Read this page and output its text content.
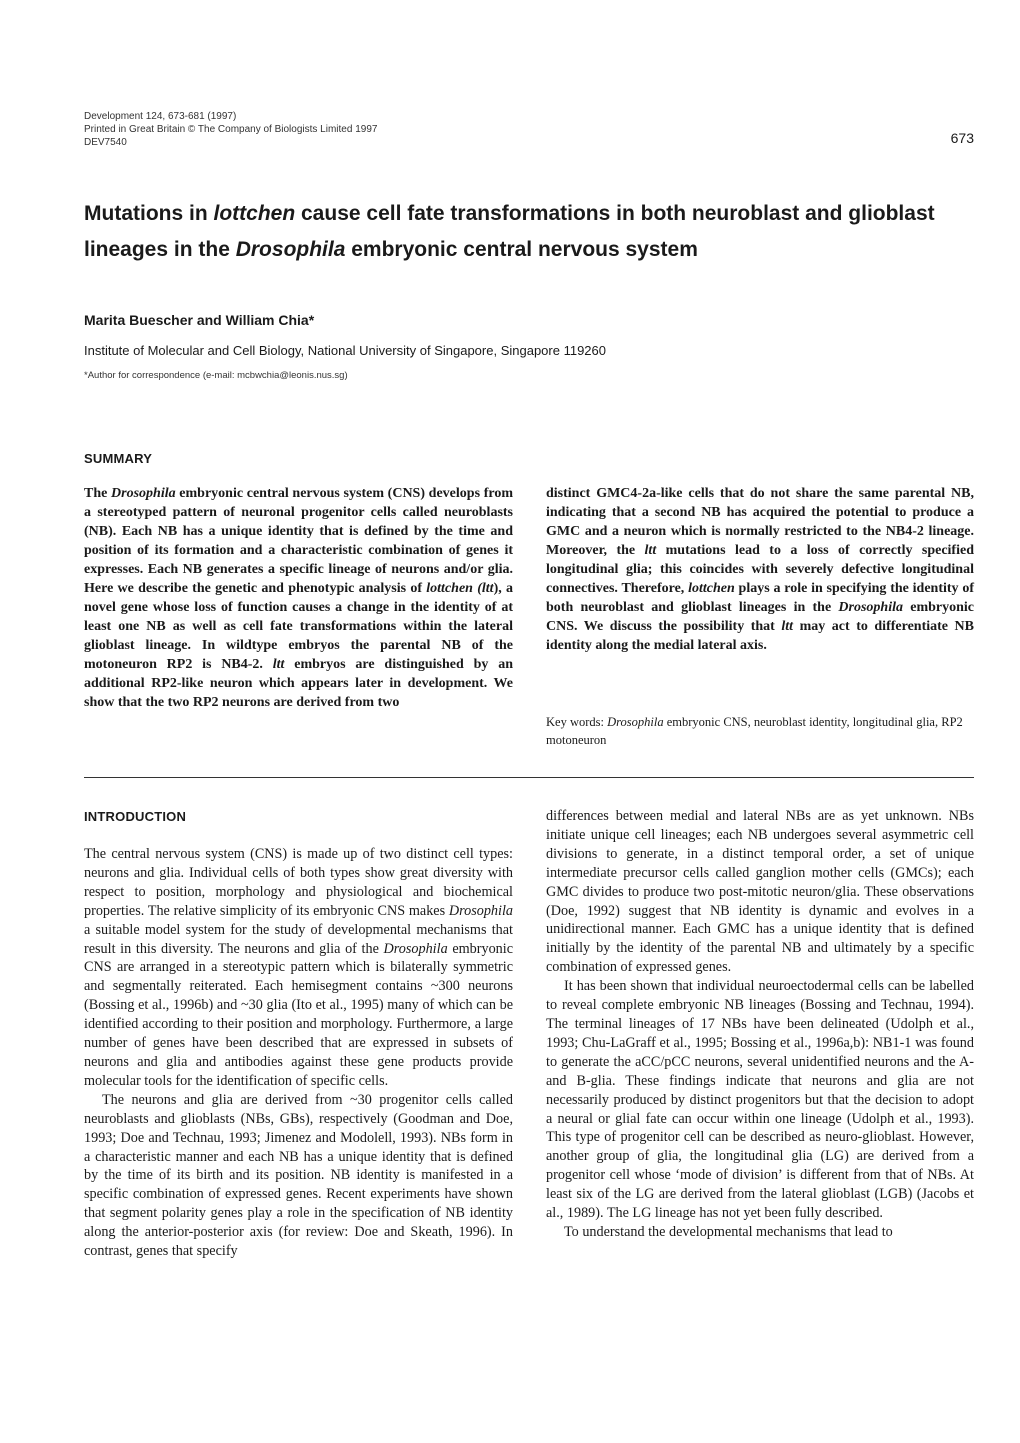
Development 124, 673-681 (1997)
Printed in Great Britain © The Company of Biologists Limited 1997
DEV7540	673
Mutations in lottchen cause cell fate transformations in both neuroblast and glioblast lineages in the Drosophila embryonic central nervous system
Marita Buescher and William Chia*
Institute of Molecular and Cell Biology, National University of Singapore, Singapore 119260
*Author for correspondence (e-mail: mcbwchia@leonis.nus.sg)
SUMMARY

The Drosophila embryonic central nervous system (CNS) develops from a stereotyped pattern of neuronal progenitor cells called neuroblasts (NB). Each NB has a unique identity that is defined by the time and position of its formation and a characteristic combination of genes it expresses. Each NB generates a specific lineage of neurons and/or glia. Here we describe the genetic and phenotypic analysis of lottchen (ltt), a novel gene whose loss of function causes a change in the identity of at least one NB as well as cell fate transformations within the lateral glioblast lineage. In wildtype embryos the parental NB of the motoneuron RP2 is NB4-2. ltt embryos are distinguished by an additional RP2-like neuron which appears later in development. We show that the two RP2 neurons are derived from two

distinct GMC4-2a-like cells that do not share the same parental NB, indicating that a second NB has acquired the potential to produce a GMC and a neuron which is normally restricted to the NB4-2 lineage. Moreover, the ltt mutations lead to a loss of correctly specified longitudinal glia; this coincides with severely defective longitudinal connectives. Therefore, lottchen plays a role in specifying the identity of both neuroblast and glioblast lineages in the Drosophila embryonic CNS. We discuss the possibility that ltt may act to differentiate NB identity along the medial lateral axis.

Key words: Drosophila embryonic CNS, neuroblast identity, longitudinal glia, RP2 motoneuron
INTRODUCTION

The central nervous system (CNS) is made up of two distinct cell types: neurons and glia. Individual cells of both types show great diversity with respect to position, morphology and physiological and biochemical properties. The relative simplicity of its embryonic CNS makes Drosophila a suitable model system for the study of developmental mechanisms that result in this diversity. The neurons and glia of the Drosophila embryonic CNS are arranged in a stereotypic pattern which is bilaterally symmetric and segmentally reiterated. Each hemisegment contains ~300 neurons (Bossing et al., 1996b) and ~30 glia (Ito et al., 1995) many of which can be identified according to their position and morphology. Furthermore, a large number of genes have been described that are expressed in subsets of neurons and glia and antibodies against these gene products provide molecular tools for the identification of specific cells.

The neurons and glia are derived from ~30 progenitor cells called neuroblasts and glioblasts (NBs, GBs), respectively (Goodman and Doe, 1993; Doe and Technau, 1993; Jimenez and Modolell, 1993). NBs form in a characteristic manner and each NB has a unique identity that is defined by the time of its birth and its position. NB identity is manifested in a specific combination of expressed genes. Recent experiments have shown that segment polarity genes play a role in the specification of NB identity along the anterior-posterior axis (for review: Doe and Skeath, 1996). In contrast, genes that specify

differences between medial and lateral NBs are as yet unknown. NBs initiate unique cell lineages; each NB undergoes several asymmetric cell divisions to generate, in a distinct temporal order, a set of unique intermediate precursor cells called ganglion mother cells (GMCs); each GMC divides to produce two post-mitotic neuron/glia. These observations (Doe, 1992) suggest that NB identity is dynamic and evolves in a unidirectional manner. Each GMC has a unique identity that is defined initially by the identity of the parental NB and ultimately by a specific combination of expressed genes.

It has been shown that individual neuroectodermal cells can be labelled to reveal complete embryonic NB lineages (Bossing and Technau, 1994). The terminal lineages of 17 NBs have been delineated (Udolph et al., 1993; Chu-LaGraff et al., 1995; Bossing et al., 1996a,b): NB1-1 was found to generate the aCC/pCC neurons, several unidentified neurons and the A- and B-glia. These findings indicate that neurons and glia are not necessarily produced by distinct progenitors but that the decision to adopt a neural or glial fate can occur within one lineage (Udolph et al., 1993). This type of progenitor cell can be described as neuro-glioblast. However, another group of glia, the longitudinal glia (LG) are derived from a progenitor cell whose ‘mode of division’ is different from that of NBs. At least six of the LG are derived from the lateral glioblast (LGB) (Jacobs et al., 1989). The LG lineage has not yet been fully described.

To understand the developmental mechanisms that lead to
